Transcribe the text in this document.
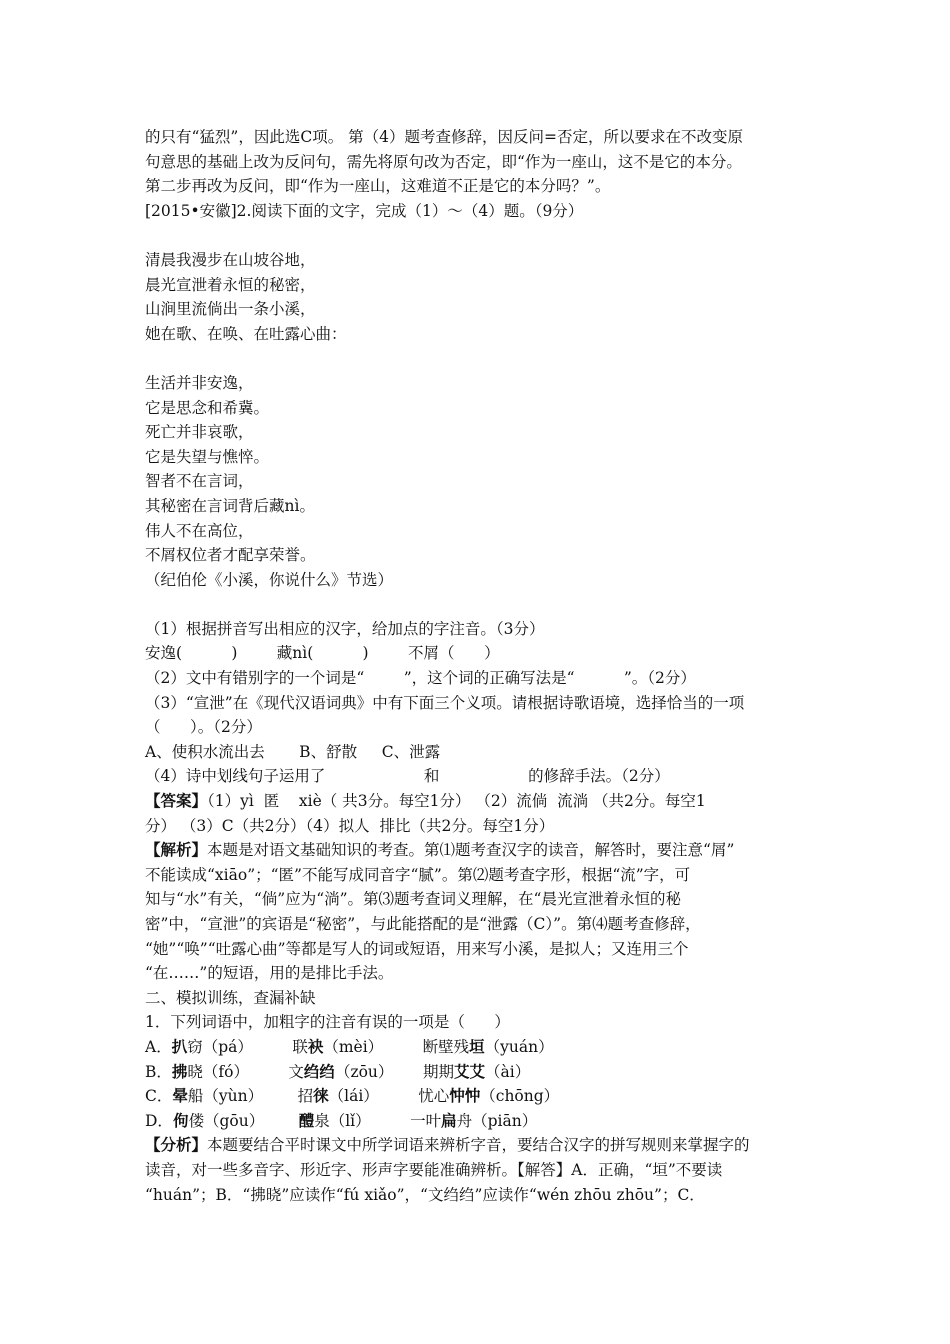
的只有“猛烈”，因此选C项。 第（4）题考查修辞，因反问=否定，所以要求在不改变原
句意思的基础上改为反问句，需先将原句改为否定，即“作为一座山，这不是它的本分。
第二步再改为反问，即“作为一座山，这难道不正是它的本分吗？”。
[2015•安徽]2.阅读下面的文字，完成（1）～（4）题。（9分）
清晨我漫步在山坡谷地，
晨光宣泄着永恒的秘密，
山涧里流倘出一条小溪，
她在歌、在唤、在吐露心曲：
生活并非安逸，
它是思念和希冀。
死亡并非哀歌，
它是失望与憔悴。
智者不在言词，
其秘密在言词背后藏nì。
伟人不在高位，
不屑权位者才配享荣誉。
（纪伯伦《小溪，你说什么》节选）
（1）根据拼音写出相应的汉字，给加点的字注音。（3分）
安逸(          )        藏nì(          )        不屑（      ）
（2）文中有错别字的一个词是“        ”，这个词的正确写法是“          ”。（2分）
（3）“宣泄”在《现代汉语词典》中有下面三个义项。请根据诗歌语境，选择恰当的一项
（      ）。（2分）
A、使积水流出去       B、舒散     C、泄露
（4）诗中划线句子运用了                    和                  的修辞手法。（2分）
【答案】（1）yì  匿    xiè（ 共3分。每空1分） （2）流倘  流淌 （共2分。每空1
分） （3）C（共2分）（4）拟人  排比（共2分。每空1分）
【解析】本题是对语文基础知识的考查。第⑴题考查汉字的读音，解答时，要注意“屑”
不能读成“xiāo”；“匿”不能写成同音字“腻”。第⑵题考查字形，根据“流”字，可
知与“水”有关，“倘”应为“淌”。第⑶题考查词义理解，在“晨光宣泄着永恒的秘
密”中，“宣泄”的宾语是“秘密”，与此能搭配的是“泄露（C）”。第⑷题考查修辞，
“她”“唤”“吐露心曲”等都是写人的词或短语，用来写小溪，是拟人；又连用三个
“在……”的短语，用的是排比手法。
二、模拟训练，查漏补缺
1．下列词语中，加粗字的注音有误的一项是（      ）
A．扒窃（pá）	联袂（mèi）	断壁残垣（yuán）
B．拂晓（fó）	文绉绉（zōu） 期期艾艾（ài）
C．晕船（yùn） 招徕（lái）	忧心忡忡（chōng）
D．佝偻（gōu） 醴泉（lǐ）	一叶扁舟（piān）
【分析】本题要结合平时课文中所学词语来辨析字音，要结合汉字的拼写规则来掌握字的
读音，对一些多音字、形近字、形声字要能准确辨析。【解答】A．正确，“垣”不要读
“huán”；B．“拂晓”应读作“fú xiǎo”，“文绉绉”应读作“wén zhōu zhōu”；C．
